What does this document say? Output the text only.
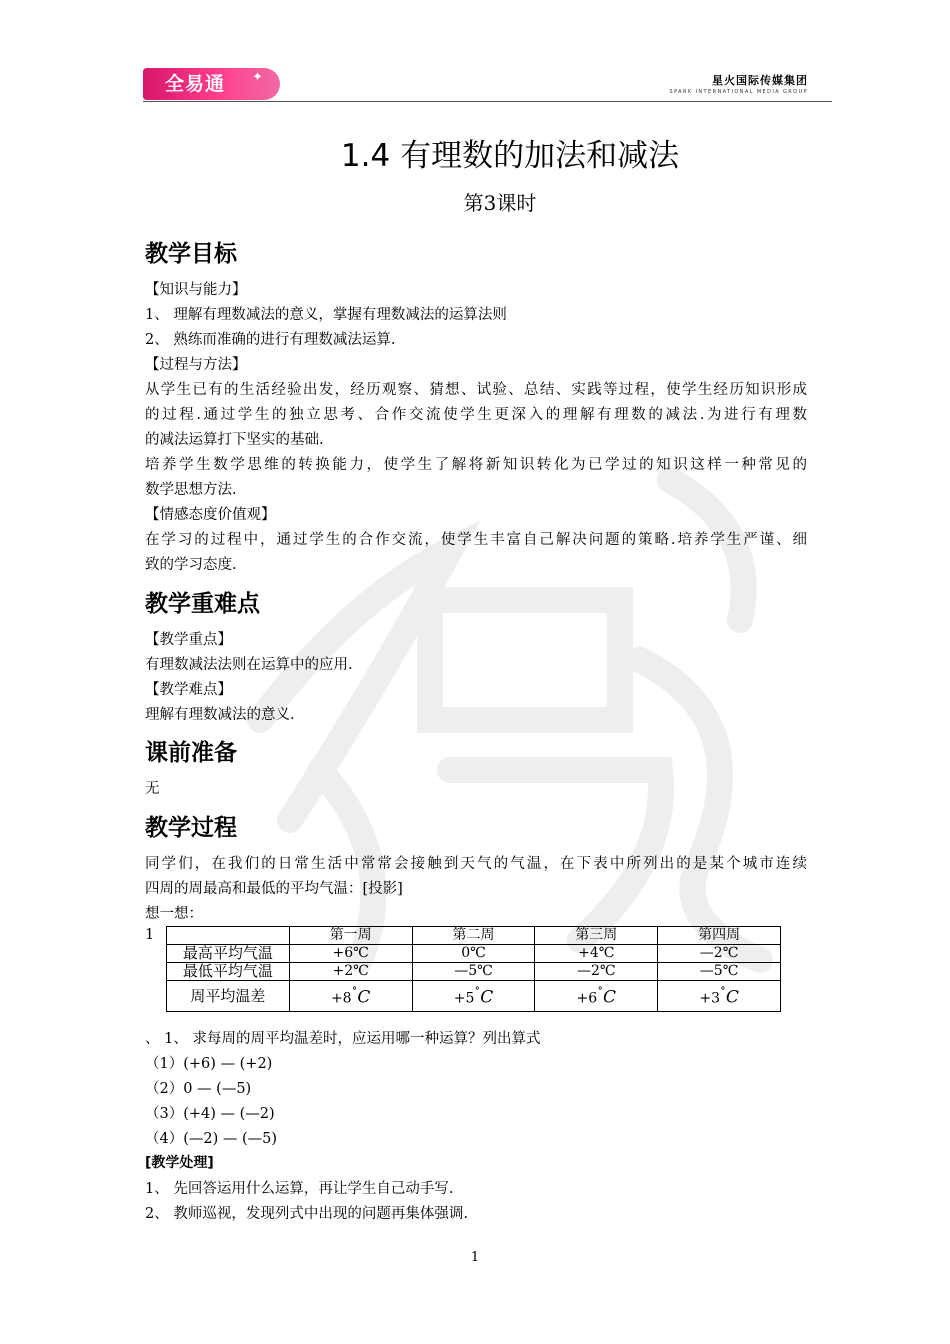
全易通 ✦	星火国际传媒集团
SPARK INTERNATIONAL MEDIA GROUP
1.4 有理数的加法和减法
第3课时
教学目标
【知识与能力】
1、 理解有理数减法的意义，掌握有理数减法的运算法则
2、 熟练而准确的进行有理数减法运算.
【过程与方法】
从学生已有的生活经验出发，经历观察、猜想、试验、总结、实践等过程，使学生经历知识形成
的过程.通过学生的独立思考、合作交流使学生更深入的理解有理数的减法.为进行有理数
的减法运算打下坚实的基础.
培养学生数学思维的转换能力，使学生了解将新知识转化为已学过的知识这样一种常见的
数学思想方法.
【情感态度价值观】
在学习的过程中，通过学生的合作交流，使学生丰富自己解决问题的策略.培养学生严谨、细
致的学习态度.
教学重难点
【教学重点】
有理数减法法则在运算中的应用.
【教学难点】
理解有理数减法的意义.
课前准备
无
教学过程
同学们，在我们的日常生活中常常会接触到天气的气温，在下表中所列出的是某个城市连续
四周的周最高和最低的平均气温：[投影]
想一想：
1
		第一周	第二周	第三周	第四周
最高平均气温	+6℃	0℃	+4℃	—2℃
最低平均气温	+2℃	—5℃	—2℃	—5℃
周平均温差	+8˚C	+5˚C	+6˚C	+3˚C
、 1、 求每周的周平均温差时，应运用哪一种运算？列出算式
（1）(+6) — (+2)
（2）0 — (—5)
（3）(+4) — (—2)
（4）(—2) — (—5)
[教学处理]
1、 先回答运用什么运算，再让学生自己动手写.
2、 教师巡视，发现列式中出现的问题再集体强调.
1
